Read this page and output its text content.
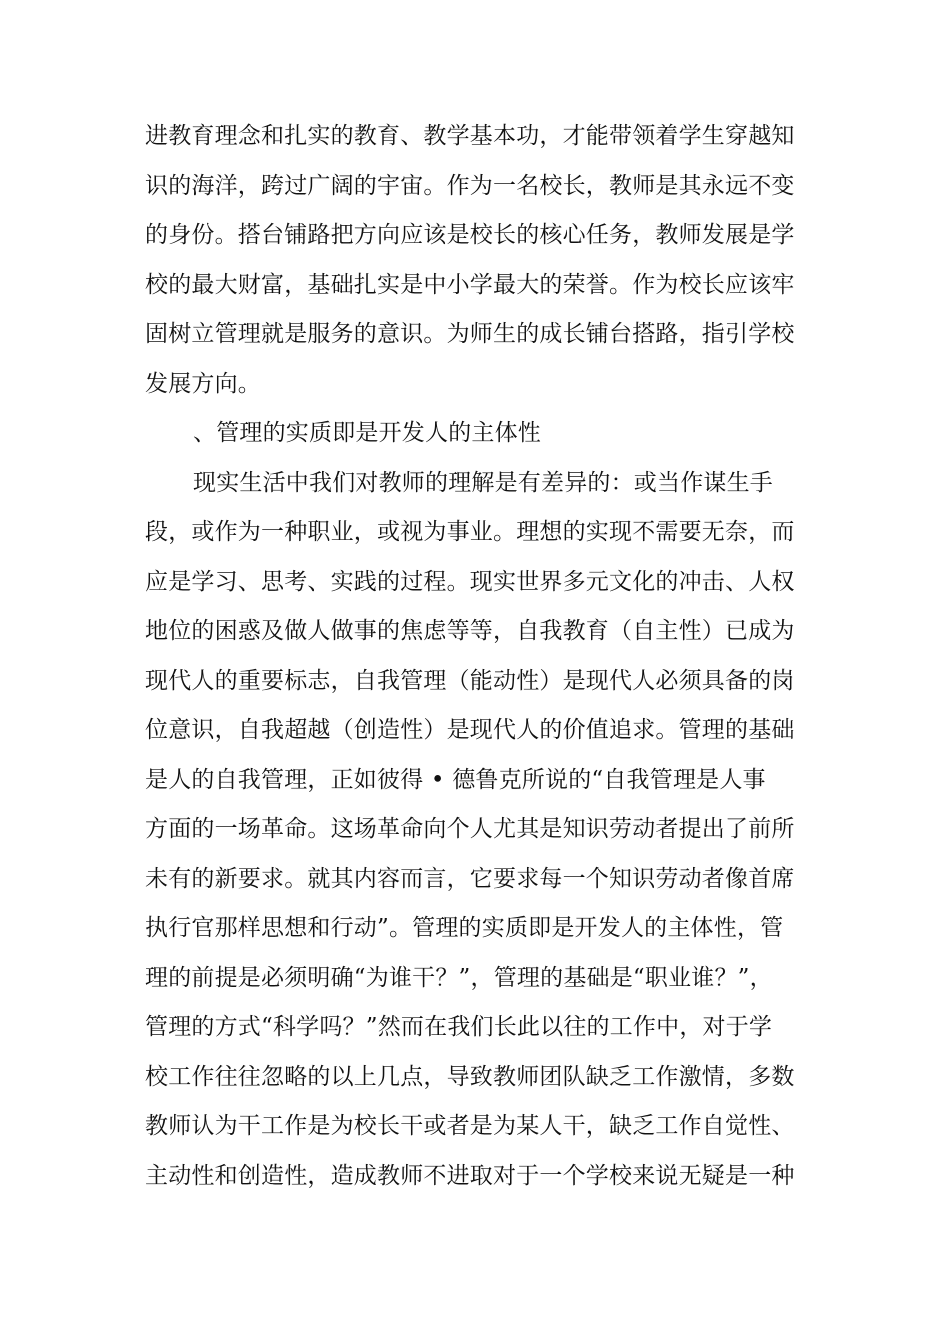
进教育理念和扎实的教育、教学基本功，才能带领着学生穿越知
识的海洋，跨过广阔的宇宙。作为一名校长，教师是其永远不变
的身份。搭台铺路把方向应该是校长的核心任务，教师发展是学
校的最大财富，基础扎实是中小学最大的荣誉。作为校长应该牢
固树立管理就是服务的意识。为师生的成长铺台搭路，指引学校
发展方向。
、管理的实质即是开发人的主体性
现实生活中我们对教师的理解是有差异的：或当作谋生手
段，或作为一种职业，或视为事业。理想的实现不需要无奈，而
应是学习、思考、实践的过程。现实世界多元文化的冲击、人权
地位的困惑及做人做事的焦虑等等，自我教育（自主性）已成为
现代人的重要标志，自我管理（能动性）是现代人必须具备的岗
位意识，自我超越（创造性）是现代人的价值追求。管理的基础
是人的自我管理，正如彼得 • 德鲁克所说的“自我管理是人事
方面的一场革命。这场革命向个人尤其是知识劳动者提出了前所
未有的新要求。就其内容而言，它要求每一个知识劳动者像首席
执行官那样思想和行动”。管理的实质即是开发人的主体性，管
理的前提是必须明确“为谁干？”，管理的基础是“职业谁？”，
管理的方式“科学吗？”然而在我们长此以往的工作中，对于学
校工作往往忽略的以上几点，导致教师团队缺乏工作激情，多数
教师认为干工作是为校长干或者是为某人干，缺乏工作自觉性、
主动性和创造性，造成教师不进取对于一个学校来说无疑是一种
